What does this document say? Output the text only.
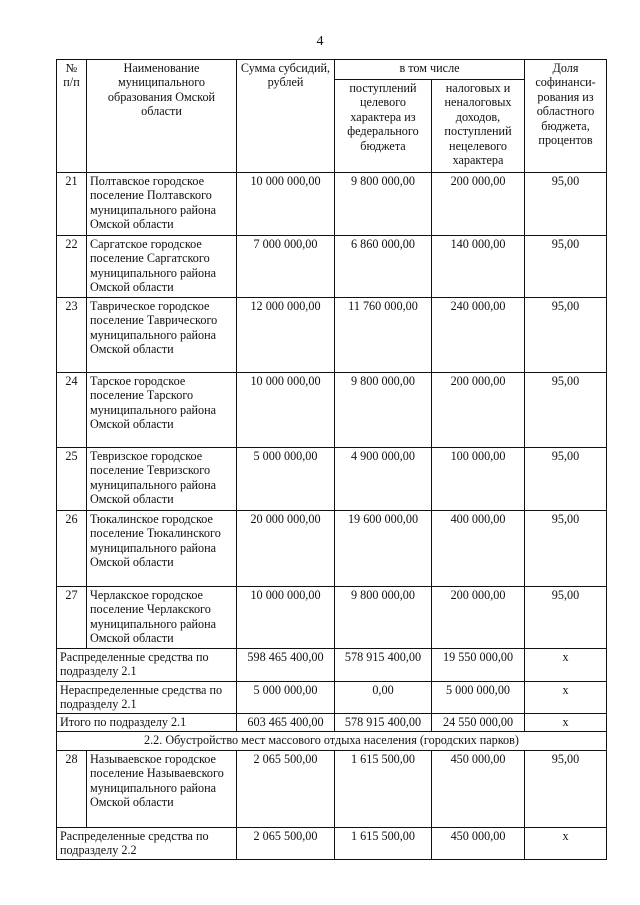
4
№ п/п	Наименование муниципального образования Омской области	Сумма субсидий, рублей	в том числе		Доля софинанси-рования из областного бюджета, процентов
			поступлений целевого характера из федерального бюджета	налоговых и неналоговых доходов, поступлений нецелевого характера	
21	Полтавское городское поселение Полтавского муниципального района Омской области	10 000 000,00	9 800 000,00	200 000,00	95,00
22	Саргатское городское поселение Саргатского муниципального района Омской области	7 000 000,00	6 860 000,00	140 000,00	95,00
23	Таврическое городское поселение Таврического муниципального района Омской области	12 000 000,00	11 760 000,00	240 000,00	95,00
24	Тарское городское поселение Тарского муниципального района Омской области	10 000 000,00	9 800 000,00	200 000,00	95,00
25	Тевризское городское поселение Тевризского муниципального района Омской области	5 000 000,00	4 900 000,00	100 000,00	95,00
26	Тюкалинское городское поселение Тюкалинского муниципального района Омской области	20 000 000,00	19 600 000,00	400 000,00	95,00
27	Черлакское городское поселение Черлакского муниципального района Омской области	10 000 000,00	9 800 000,00	200 000,00	95,00
Распределенные средства по подразделу 2.1		598 465 400,00	578 915 400,00	19 550 000,00	х
Нераспределенные средства по подразделу 2.1		5 000 000,00	0,00	5 000 000,00	х
Итого по подразделу 2.1		603 465 400,00	578 915 400,00	24 550 000,00	х
2.2. Обустройство мест массового отдыха населения (городских парков)					
28	Называевское городское поселение Называевского муниципального района Омской области	2 065 500,00	1 615 500,00	450 000,00	95,00
Распределенные средства по подразделу 2.2		2 065 500,00	1 615 500,00	450 000,00	х
